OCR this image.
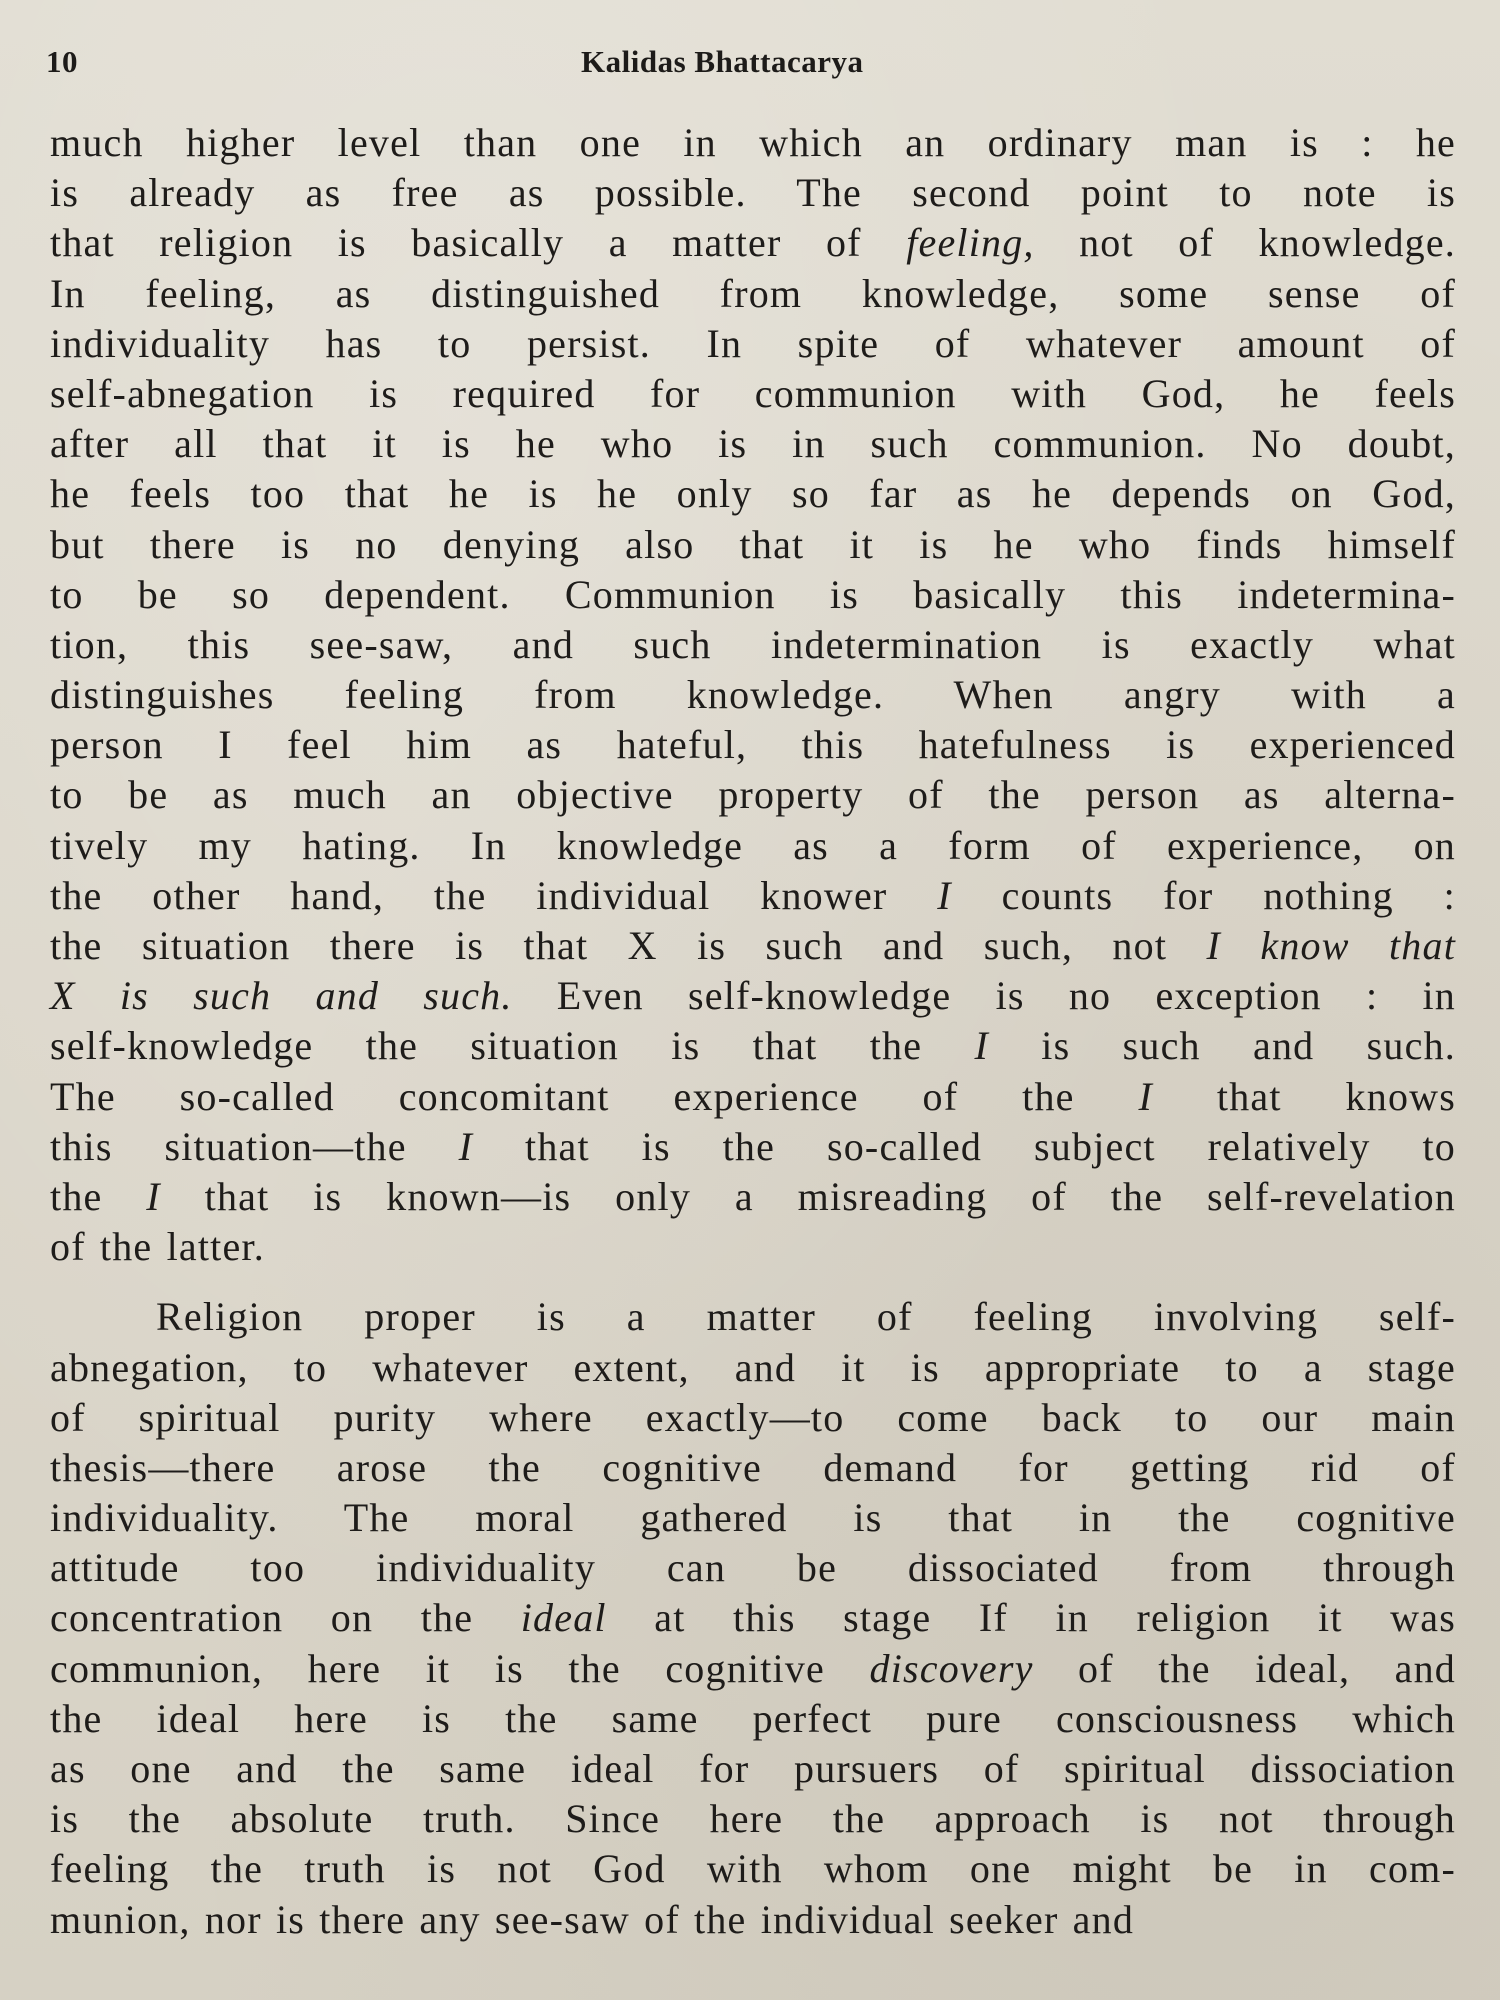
10	Kalidas Bhattacarya

much higher level than one in which an ordinary man is : he
is already as free as possible. The second point to note is
that religion is basically a matter of feeling, not of knowledge.
In feeling, as distinguished from knowledge, some sense of
individuality has to persist. In spite of whatever amount of
self-abnegation is required for communion with God, he feels
after all that it is he who is in such communion. No doubt,
he feels too that he is he only so far as he depends on God,
but there is no denying also that it is he who finds himself
to be so dependent. Communion is basically this indetermina-
tion, this see-saw, and such indetermination is exactly what
distinguishes feeling from knowledge. When angry with a
person I feel him as hateful, this hatefulness is experienced
to be as much an objective property of the person as alterna-
tively my hating. In knowledge as a form of experience, on
the other hand, the individual knower I counts for nothing :
the situation there is that X is such and such, not I know that
X is such and such. Even self-knowledge is no exception : in
self-knowledge the situation is that the I is such and such.
The so-called concomitant experience of the I that knows
this situation—the I that is the so-called subject relatively to
the I that is known—is only a misreading of the self-revelation
of the latter.

Religion proper is a matter of feeling involving self-
abnegation, to whatever extent, and it is appropriate to a stage
of spiritual purity where exactly—to come back to our main
thesis—there arose the cognitive demand for getting rid of
individuality. The moral gathered is that in the cognitive
attitude too individuality can be dissociated from through
concentration on the ideal at this stage If in religion it was
communion, here it is the cognitive discovery of the ideal, and
the ideal here is the same perfect pure consciousness which
as one and the same ideal for pursuers of spiritual dissociation
is the absolute truth. Since here the approach is not through
feeling the truth is not God with whom one might be in com-
munion, nor is there any see-saw of the individual seeker and
